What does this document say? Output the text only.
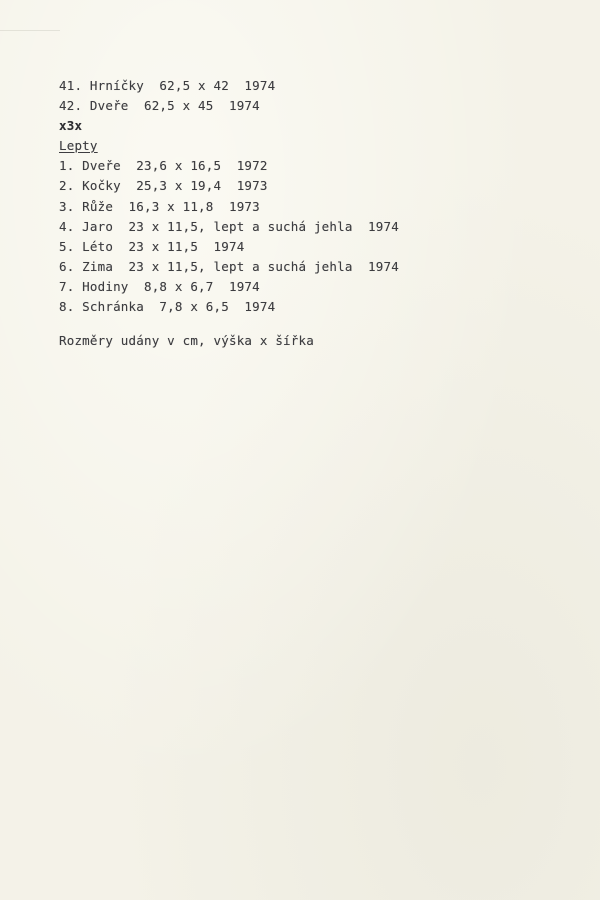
41. Hrníčky  62,5 x 42  1974
42. Dveře  62,5 x 45  1974
x3x
Lepty
1. Dveře  23,6 x 16,5  1972
2. Kočky  25,3 x 19,4  1973
3. Růže  16,3 x 11,8  1973
4. Jaro  23 x 11,5, lept a suchá jehla  1974
5. Léto  23 x 11,5  1974
6. Zima  23 x 11,5, lept a suchá jehla  1974
7. Hodiny  8,8 x 6,7  1974
8. Schránka  7,8 x 6,5  1974
Rozměry udány v cm, výška x šířka
